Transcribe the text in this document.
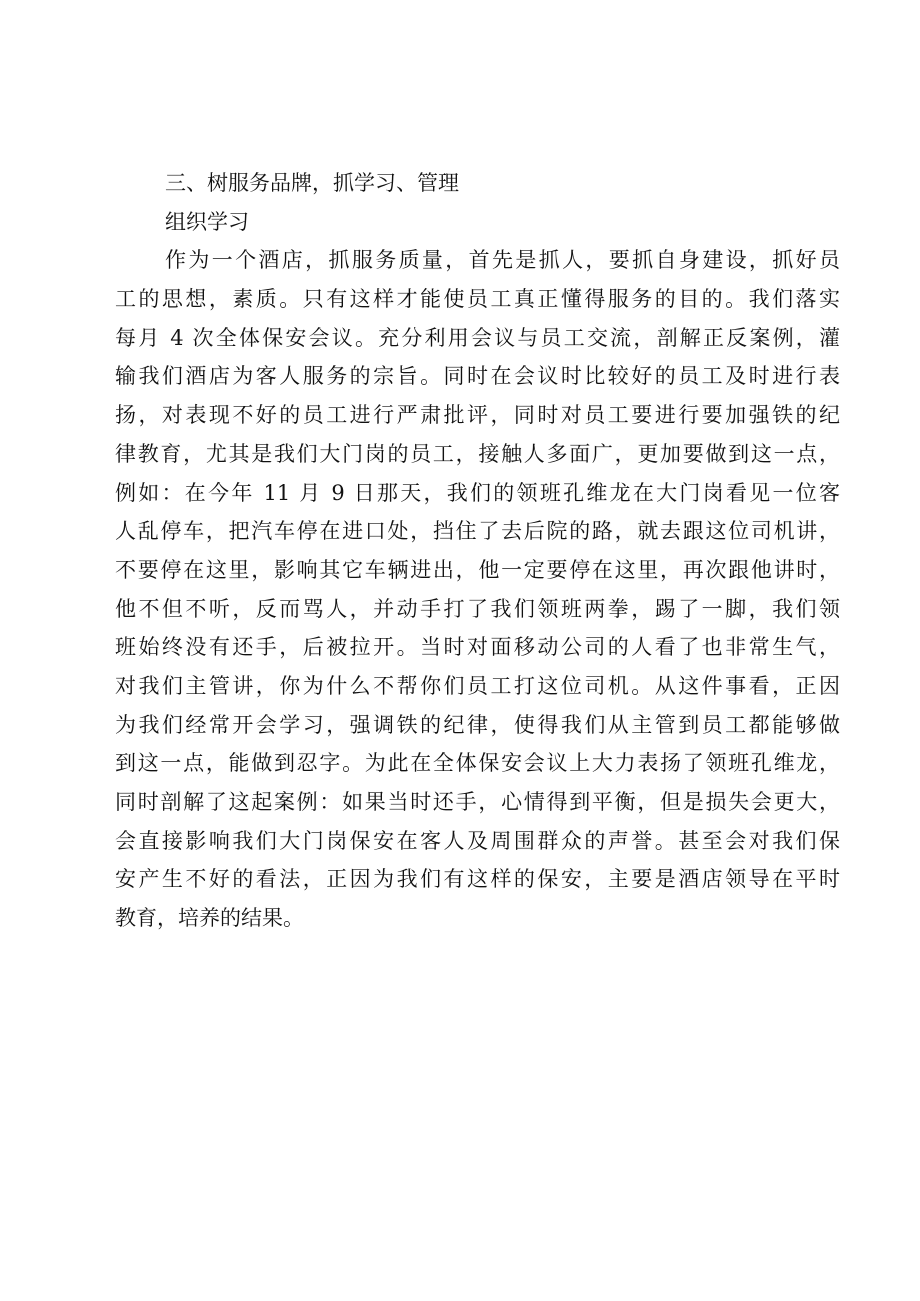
三、树服务品牌，抓学习、管理

组织学习

作为一个酒店，抓服务质量，首先是抓人，要抓自身建设，抓好员

工的思想，素质。只有这样才能使员工真正懂得服务的目的。我们落实

每月 4 次全体保安会议。充分利用会议与员工交流，剖解正反案例，灌

输我们酒店为客人服务的宗旨。同时在会议时比较好的员工及时进行表

扬，对表现不好的员工进行严肃批评，同时对员工要进行要加强铁的纪

律教育，尤其是我们大门岗的员工，接触人多面广，更加要做到这一点，

例如：在今年 11 月 9 日那天，我们的领班孔维龙在大门岗看见一位客

人乱停车，把汽车停在进口处，挡住了去后院的路，就去跟这位司机讲，

不要停在这里，影响其它车辆进出，他一定要停在这里，再次跟他讲时，

他不但不听，反而骂人，并动手打了我们领班两拳，踢了一脚，我们领

班始终没有还手，后被拉开。当时对面移动公司的人看了也非常生气，

对我们主管讲，你为什么不帮你们员工打这位司机。从这件事看，正因

为我们经常开会学习，强调铁的纪律，使得我们从主管到员工都能够做

到这一点，能做到忍字。为此在全体保安会议上大力表扬了领班孔维龙，

同时剖解了这起案例：如果当时还手，心情得到平衡，但是损失会更大，

会直接影响我们大门岗保安在客人及周围群众的声誉。甚至会对我们保

安产生不好的看法，正因为我们有这样的保安，主要是酒店领导在平时

教育，培养的结果。
